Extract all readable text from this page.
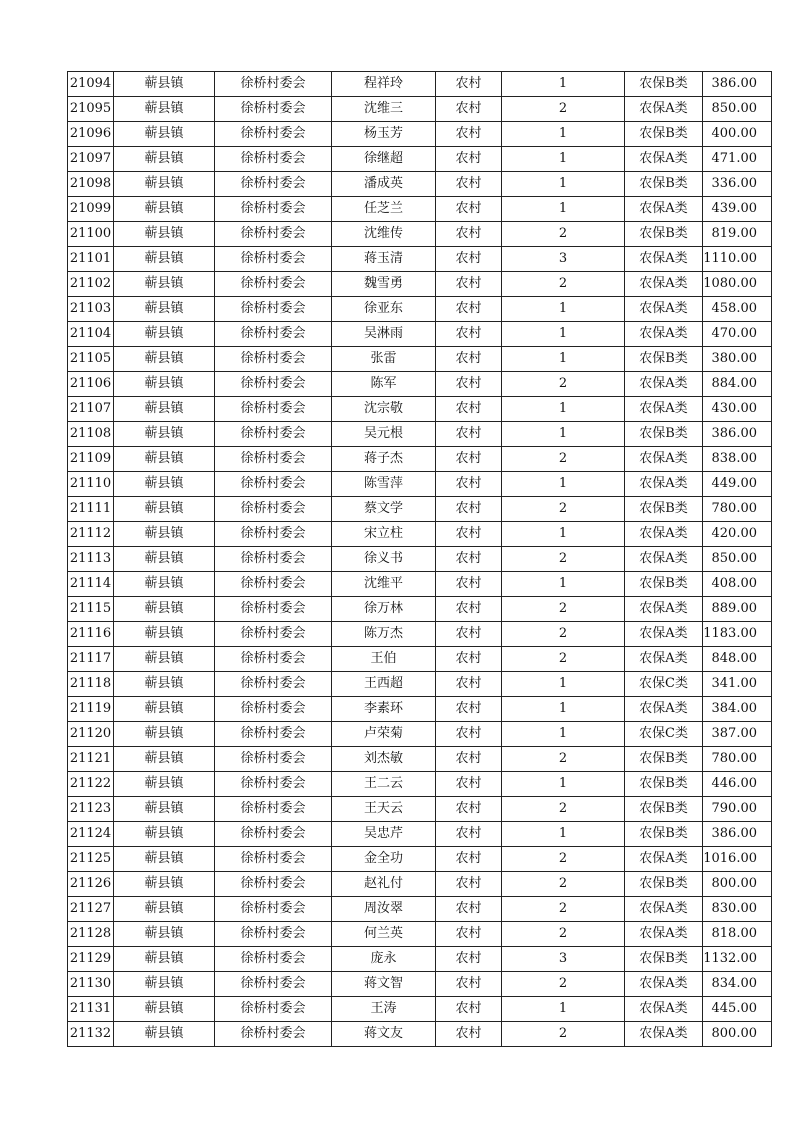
21094	蕲县镇	徐桥村委会	程祥玲	农村	1	农保B类	386.00
21095	蕲县镇	徐桥村委会	沈维三	农村	2	农保A类	850.00
21096	蕲县镇	徐桥村委会	杨玉芳	农村	1	农保B类	400.00
21097	蕲县镇	徐桥村委会	徐继超	农村	1	农保A类	471.00
21098	蕲县镇	徐桥村委会	潘成英	农村	1	农保B类	336.00
21099	蕲县镇	徐桥村委会	任芝兰	农村	1	农保A类	439.00
21100	蕲县镇	徐桥村委会	沈维传	农村	2	农保B类	819.00
21101	蕲县镇	徐桥村委会	蒋玉清	农村	3	农保A类	1110.00
21102	蕲县镇	徐桥村委会	魏雪勇	农村	2	农保A类	1080.00
21103	蕲县镇	徐桥村委会	徐亚东	农村	1	农保A类	458.00
21104	蕲县镇	徐桥村委会	吴淋雨	农村	1	农保A类	470.00
21105	蕲县镇	徐桥村委会	张雷	农村	1	农保B类	380.00
21106	蕲县镇	徐桥村委会	陈军	农村	2	农保A类	884.00
21107	蕲县镇	徐桥村委会	沈宗敬	农村	1	农保A类	430.00
21108	蕲县镇	徐桥村委会	吴元根	农村	1	农保B类	386.00
21109	蕲县镇	徐桥村委会	蒋子杰	农村	2	农保A类	838.00
21110	蕲县镇	徐桥村委会	陈雪萍	农村	1	农保A类	449.00
21111	蕲县镇	徐桥村委会	蔡文学	农村	2	农保B类	780.00
21112	蕲县镇	徐桥村委会	宋立柱	农村	1	农保A类	420.00
21113	蕲县镇	徐桥村委会	徐义书	农村	2	农保A类	850.00
21114	蕲县镇	徐桥村委会	沈维平	农村	1	农保B类	408.00
21115	蕲县镇	徐桥村委会	徐万林	农村	2	农保A类	889.00
21116	蕲县镇	徐桥村委会	陈万杰	农村	2	农保A类	1183.00
21117	蕲县镇	徐桥村委会	王伯	农村	2	农保A类	848.00
21118	蕲县镇	徐桥村委会	王西超	农村	1	农保C类	341.00
21119	蕲县镇	徐桥村委会	李素环	农村	1	农保A类	384.00
21120	蕲县镇	徐桥村委会	卢荣菊	农村	1	农保C类	387.00
21121	蕲县镇	徐桥村委会	刘杰敏	农村	2	农保B类	780.00
21122	蕲县镇	徐桥村委会	王二云	农村	1	农保B类	446.00
21123	蕲县镇	徐桥村委会	王天云	农村	2	农保B类	790.00
21124	蕲县镇	徐桥村委会	吴忠芹	农村	1	农保B类	386.00
21125	蕲县镇	徐桥村委会	金全功	农村	2	农保A类	1016.00
21126	蕲县镇	徐桥村委会	赵礼付	农村	2	农保B类	800.00
21127	蕲县镇	徐桥村委会	周汝翠	农村	2	农保A类	830.00
21128	蕲县镇	徐桥村委会	何兰英	农村	2	农保A类	818.00
21129	蕲县镇	徐桥村委会	庞永	农村	3	农保B类	1132.00
21130	蕲县镇	徐桥村委会	蒋文智	农村	2	农保A类	834.00
21131	蕲县镇	徐桥村委会	王涛	农村	1	农保A类	445.00
21132	蕲县镇	徐桥村委会	蒋文友	农村	2	农保A类	800.00
